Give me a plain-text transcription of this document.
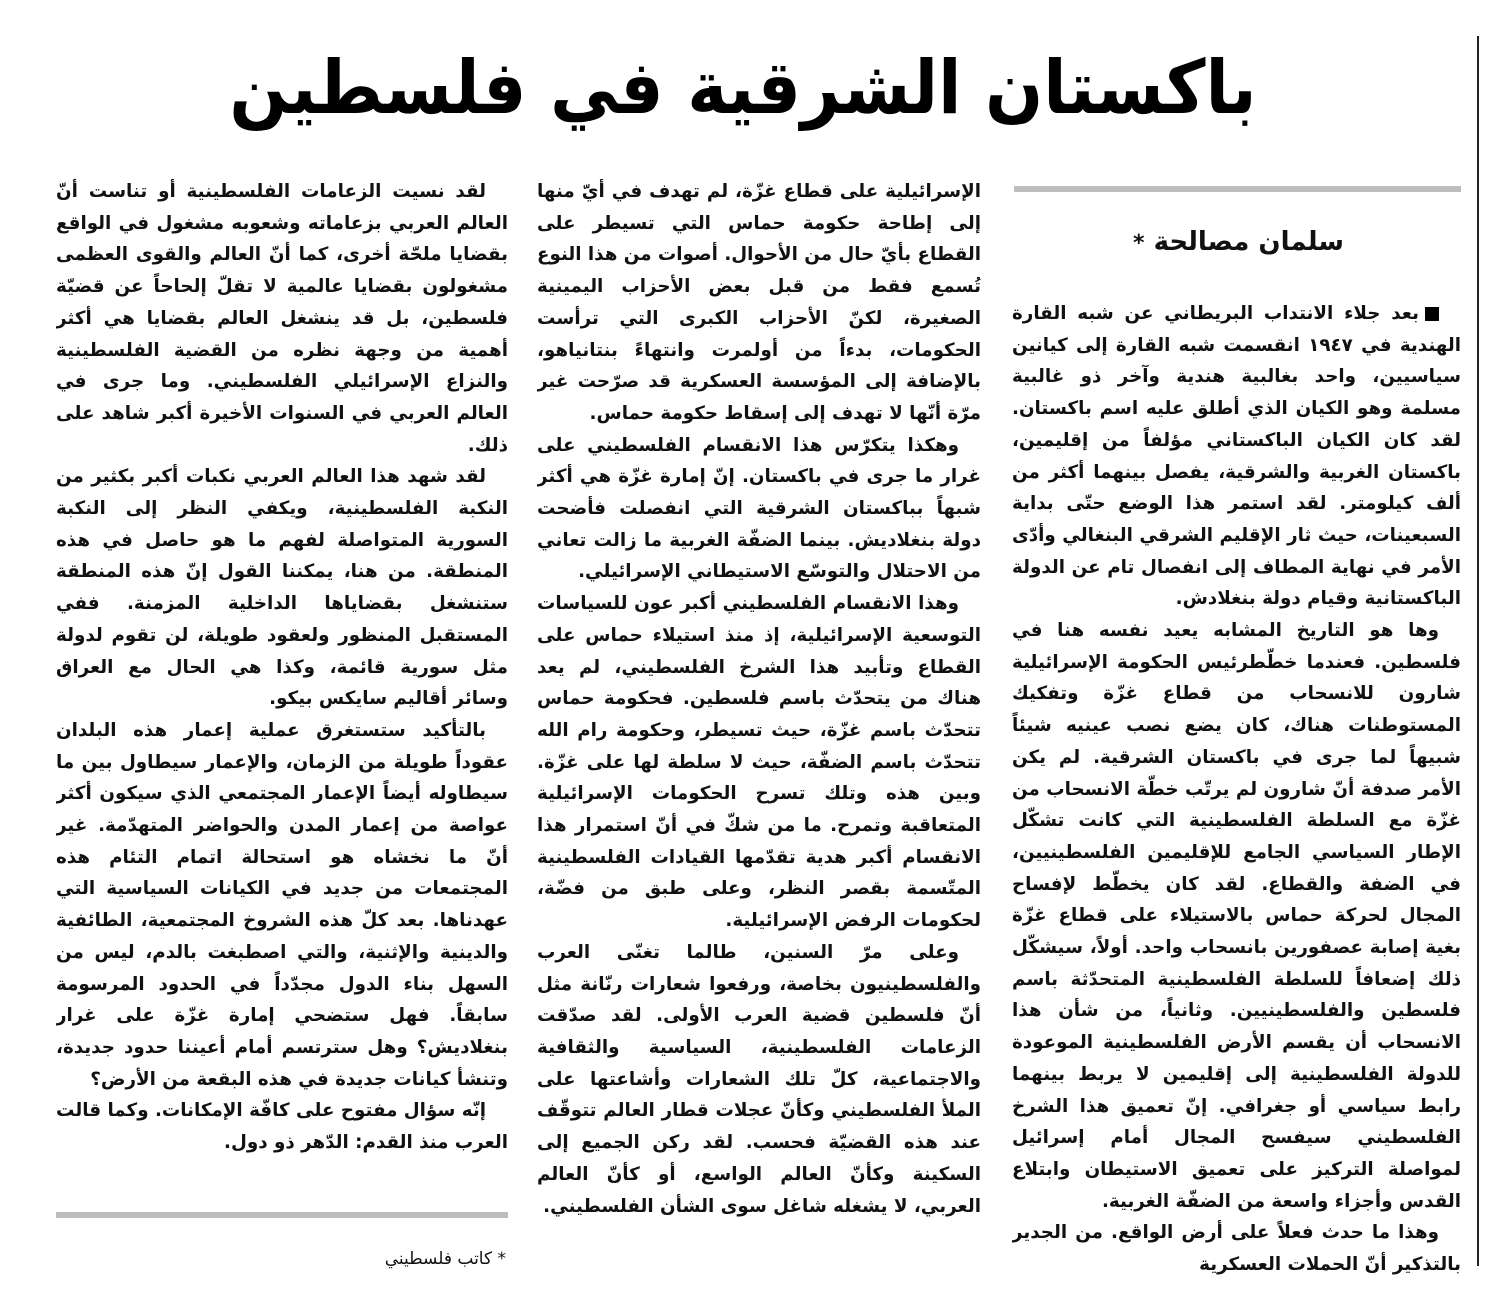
باكستان الشرقية في فلسطين
سلمان مصالحة *

بعد جلاء الانتداب البريطاني عن شبه القارة الهندية في ١٩٤٧ انقسمت شبه القارة إلى كيانين سياسيين، واحد بغالبية هندية وآخر ذو غالبية مسلمة وهو الكيان الذي أطلق عليه اسم باكستان. لقد كان الكيان الباكستاني مؤلفاً من إقليمين، باكستان الغربية والشرقية، يفصل بينهما أكثر من ألف كيلومتر. لقد استمر هذا الوضع حتّى بداية السبعينات، حيث ثار الإقليم الشرقي البنغالي وأدّى الأمر في نهاية المطاف إلى انفصال تام عن الدولة الباكستانية وقيام دولة بنغلادش.

وها هو التاريخ المشابه يعيد نفسه هنا في فلسطين. فعندما خطّطرئيس الحكومة الإسرائيلية شارون للانسحاب من قطاع غزّة وتفكيك المستوطنات هناك، كان يضع نصب عينيه شيئاً شبيهاً لما جرى في باكستان الشرقية. لم يكن الأمر صدفة أنّ شارون لم يرتّب خطّة الانسحاب من غزّة مع السلطة الفلسطينية التي كانت تشكّل الإطار السياسي الجامع للإقليمين الفلسطينيين، في الضفة والقطاع. لقد كان يخطّط لإفساح المجال لحركة حماس بالاستيلاء على قطاع غزّة بغية إصابة عصفورين بانسحاب واحد. أولاً، سيشكّل ذلك إضعافاً للسلطة الفلسطينية المتحدّثة باسم فلسطين والفلسطينيين. وثانياً، من شأن هذا الانسحاب أن يقسم الأرض الفلسطينية الموعودة للدولة الفلسطينية إلى إقليمين لا يربط بينهما رابط سياسي أو جغرافي. إنّ تعميق هذا الشرخ الفلسطيني سيفسح المجال أمام إسرائيل لمواصلة التركيز على تعميق الاستيطان وابتلاع القدس وأجزاء واسعة من الضفّة الغربية.

وهذا ما حدث فعلاً على أرض الواقع. من الجدير بالتذكير أنّ الحملات العسكرية

الإسرائيلية على قطاع غزّة، لم تهدف في أيّ منها إلى إطاحة حكومة حماس التي تسيطر على القطاع بأيّ حال من الأحوال. أصوات من هذا النوع تُسمع فقط من قبل بعض الأحزاب اليمينية الصغيرة، لكنّ الأحزاب الكبرى التي ترأست الحكومات، بدءاً من أولمرت وانتهاءً بنتانياهو، بالإضافة إلى المؤسسة العسكرية قد صرّحت غير مرّة أنّها لا تهدف إلى إسقاط حكومة حماس.

وهكذا يتكرّس هذا الانقسام الفلسطيني على غرار ما جرى في باكستان. إنّ إمارة غزّة هي أكثر شبهاً بباكستان الشرقية التي انفصلت فأضحت دولة بنغلاديش. بينما الضفّة الغربية ما زالت تعاني من الاحتلال والتوسّع الاستيطاني الإسرائيلي.

وهذا الانقسام الفلسطيني أكبر عون للسياسات التوسعية الإسرائيلية، إذ منذ استيلاء حماس على القطاع وتأبيد هذا الشرخ الفلسطيني، لم يعد هناك من يتحدّث باسم فلسطين. فحكومة حماس تتحدّث باسم غزّة، حيث تسيطر، وحكومة رام الله تتحدّث باسم الضفّة، حيث لا سلطة لها على غزّة. وبين هذه وتلك تسرح الحكومات الإسرائيلية المتعاقبة وتمرح. ما من شكّ في أنّ استمرار هذا الانقسام أكبر هدية تقدّمها القيادات الفلسطينية المتّسمة بقصر النظر، وعلى طبق من فضّة، لحكومات الرفض الإسرائيلية.

وعلى مرّ السنين، طالما تغنّى العرب والفلسطينيون بخاصة، ورفعوا شعارات رنّانة مثل أنّ فلسطين قضية العرب الأولى. لقد صدّقت الزعامات الفلسطينية، السياسية والثقافية والاجتماعية، كلّ تلك الشعارات وأشاعتها على الملأ الفلسطيني وكأنّ عجلات قطار العالم تتوقّف عند هذه القضيّة فحسب. لقد ركن الجميع إلى السكينة وكأنّ العالم الواسع، أو كأنّ العالم العربي، لا يشغله شاغل سوى الشأن الفلسطيني.

لقد نسيت الزعامات الفلسطينية أو تناست أنّ العالم العربي بزعاماته وشعوبه مشغول في الواقع بقضايا ملحّة أخرى، كما أنّ العالم والقوى العظمى مشغولون بقضايا عالمية لا تقلّ إلحاحاً عن قضيّة فلسطين، بل قد ينشغل العالم بقضايا هي أكثر أهمية من وجهة نظره من القضية الفلسطينية والنزاع الإسرائيلي الفلسطيني. وما جرى في العالم العربي في السنوات الأخيرة أكبر شاهد على ذلك.

لقد شهد هذا العالم العربي نكبات أكبر بكثير من النكبة الفلسطينية، ويكفي النظر إلى النكبة السورية المتواصلة لفهم ما هو حاصل في هذه المنطقة. من هنا، يمكننا القول إنّ هذه المنطقة ستنشغل بقضاياها الداخلية المزمنة. ففي المستقبل المنظور ولعقود طويلة، لن تقوم لدولة مثل سورية قائمة، وكذا هي الحال مع العراق وسائر أقاليم سايكس بيكو.

بالتأكيد ستستغرق عملية إعمار هذه البلدان عقوداً طويلة من الزمان، والإعمار سيطاول بين ما سيطاوله أيضاً الإعمار المجتمعي الذي سيكون أكثر عواصة من إعمار المدن والحواضر المتهدّمة. غير أنّ ما نخشاه هو استحالة اتمام التئام هذه المجتمعات من جديد في الكيانات السياسية التي عهدناها. بعد كلّ هذه الشروخ المجتمعية، الطائفية والدينية والإثنية، والتي اصطبغت بالدم، ليس من السهل بناء الدول مجدّداً في الحدود المرسومة سابقاً. فهل ستضحي إمارة غزّة على غرار بنغلاديش؟ وهل سترتسم أمام أعيننا حدود جديدة، وتنشأ كيانات جديدة في هذه البقعة من الأرض؟

إنّه سؤال مفتوح على كافّة الإمكانات. وكما قالت العرب منذ القدم: الدّهر ذو دول.

* كاتب فلسطيني
